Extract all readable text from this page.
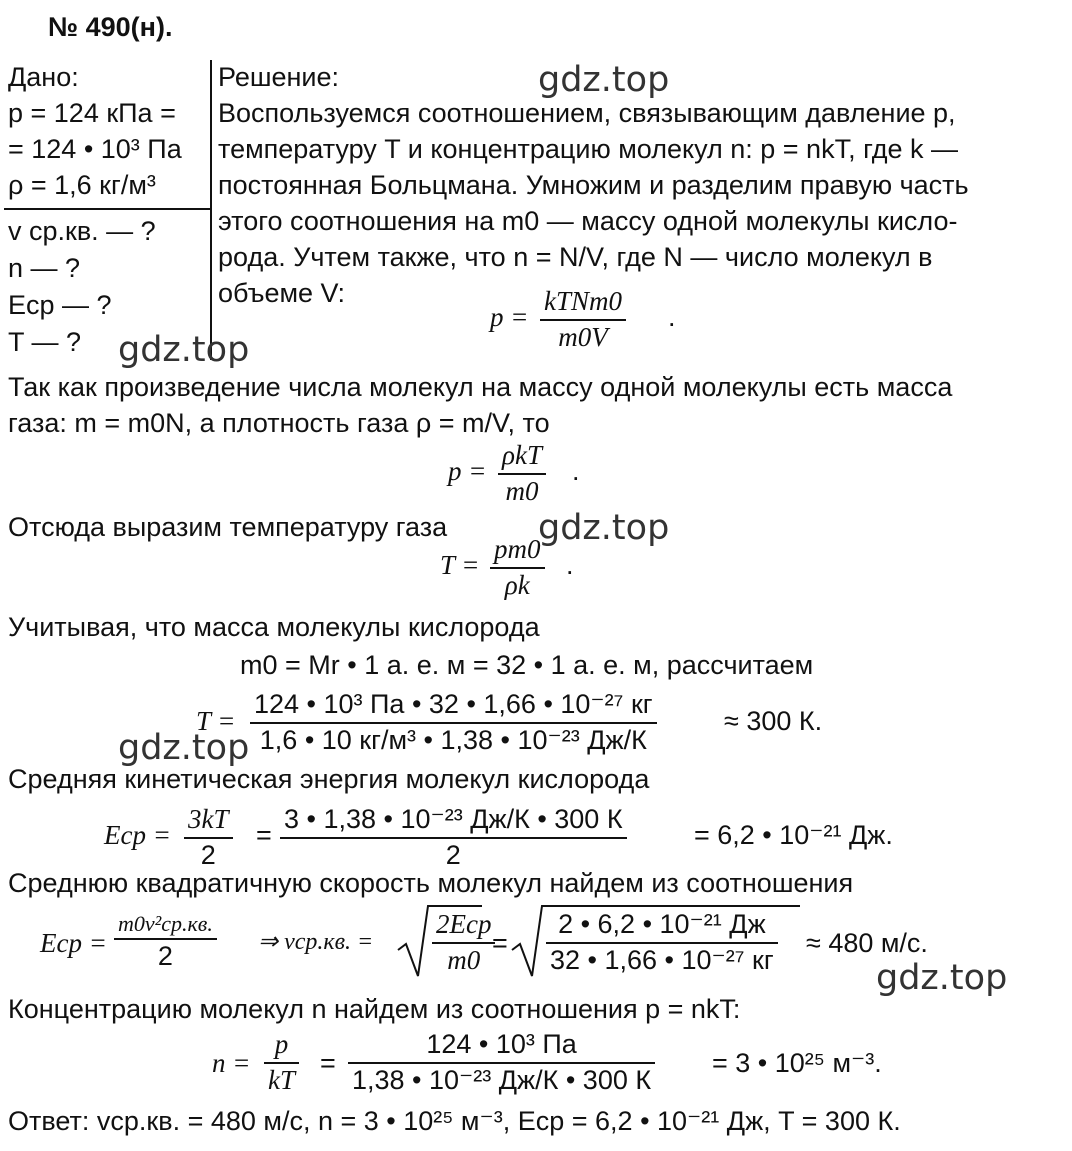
№ 490(н).
Дано:
p = 124 кПа =
= 124 • 10³ Па
ρ = 1,6 кг/м³
v ср.кв. — ?
n — ?
Eср — ?
T — ?
Решение:
Воспользуемся соотношением, связывающим давление p,
температуру T и концентрацию молекул n: p = nkT, где k —
постоянная Больцмана. Умножим и разделим правую часть
этого соотношения на m0 — массу одной молекулы кисло-
рода. Учтем также, что n = N/V, где N — число молекул в
объеме V:
p =
kTNm0
m0V
.
Так как произведение числа молекул на массу одной молекулы есть масса
газа: m = m0N, а плотность газа ρ = m/V, то
p =
ρkT
m0
.
Отсюда выразим температуру газа
T =
pm0
ρk
.
Учитывая, что масса молекулы кислорода
m0 = Mr • 1 а. е. м = 32 • 1 а. е. м, рассчитаем
T =
124 • 10³ Па • 32 • 1,66 • 10⁻²⁷ кг
1,6 • 10 кг/м³ • 1,38 • 10⁻²³ Дж/К
≈ 300 К.
Средняя кинетическая энергия молекул кислорода
Eср =
3kT
2
=
3 • 1,38 • 10⁻²³ Дж/К • 300 К
2
= 6,2 • 10⁻²¹ Дж.
Среднюю квадратичную скорость молекул найдем из соотношения
Eср =
m0v²ср.кв.
2	⇒ vср.кв. =
2Eср
m0
=
2 • 6,2 • 10⁻²¹ Дж
32 • 1,66 • 10⁻²⁷ кг
≈ 480 м/с.
Концентрацию молекул n найдем из соотношения p = nkT:
n =
p
kT
=
124 • 10³ Па
1,38 • 10⁻²³ Дж/К • 300 К
= 3 • 10²⁵ м⁻³.
Ответ: vср.кв. = 480 м/с, n = 3 • 10²⁵ м⁻³, Eср = 6,2 • 10⁻²¹ Дж, T = 300 К.
gdz.top
gdz.top
gdz.top
gdz.top
gdz.top
